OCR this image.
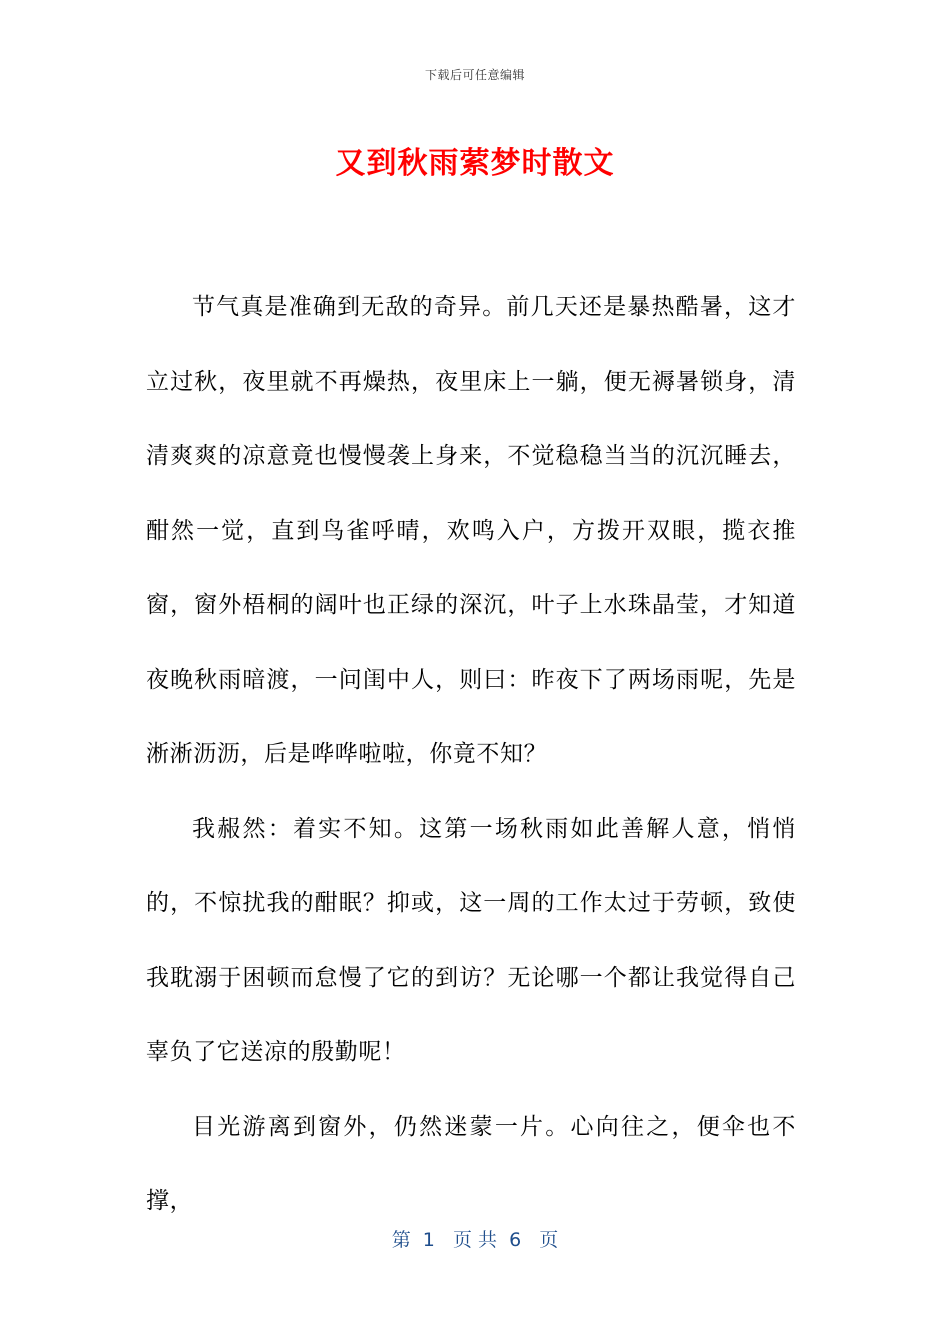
下载后可任意编辑
又到秋雨萦梦时散文

节气真是准确到无敌的奇异。前几天还是暴热酷暑，这才立过秋，夜里就不再燥热，夜里床上一躺，便无褥暑锁身，清清爽爽的凉意竟也慢慢袭上身来，不觉稳稳当当的沉沉睡去，酣然一觉，直到鸟雀呼晴，欢鸣入户，方拨开双眼，揽衣推窗，窗外梧桐的阔叶也正绿的深沉，叶子上水珠晶莹，才知道夜晚秋雨暗渡，一问闺中人，则曰：昨夜下了两场雨呢，先是淅淅沥沥，后是哗哗啦啦，你竟不知？

我赧然：着实不知。这第一场秋雨如此善解人意，悄悄的，不惊扰我的酣眠？抑或，这一周的工作太过于劳顿，致使我耽溺于困顿而怠慢了它的到访？无论哪一个都让我觉得自己辜负了它送凉的殷勤呢！

目光游离到窗外，仍然迷蒙一片。心向往之，便伞也不撑，

第  1   页 共  6   页
